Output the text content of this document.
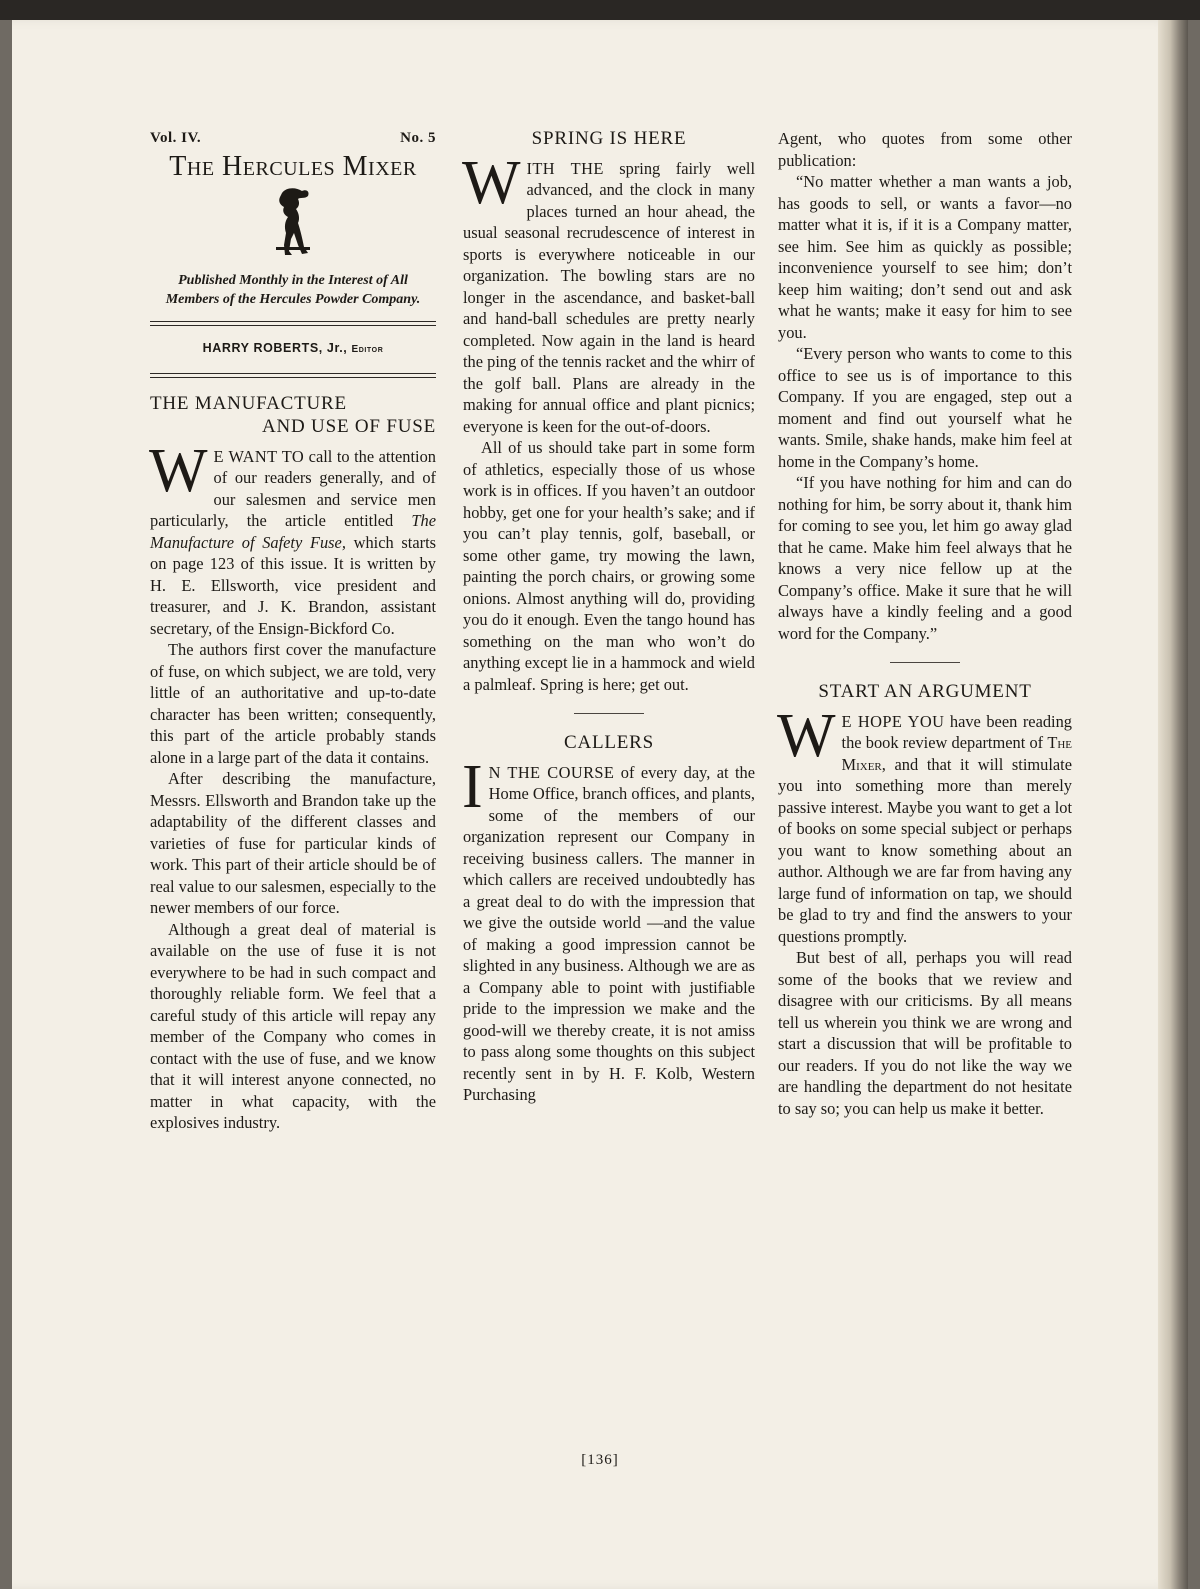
Vol. IV.	No. 5
The Hercules Mixer
Published Monthly in the Interest of All Members of the Hercules Powder Company.
HARRY ROBERTS, Jr., Editor
THE MANUFACTURE
AND USE OF FUSE

W E WANT TO call to the attention of our readers generally, and of our salesmen and service men particularly, the article entitled The Manufacture of Safety Fuse, which starts on page 123 of this issue. It is written by H. E. Ellsworth, vice president and treasurer, and J. K. Brandon, assistant secretary, of the Ensign-Bickford Co.

The authors first cover the manufacture of fuse, on which subject, we are told, very little of an authoritative and up-to-date character has been written; consequently, this part of the article probably stands alone in a large part of the data it contains.

After describing the manufacture, Messrs. Ellsworth and Brandon take up the adaptability of the different classes and varieties of fuse for particular kinds of work. This part of their article should be of real value to our salesmen, especially to the newer members of our force.

Although a great deal of material is available on the use of fuse it is not everywhere to be had in such compact and thoroughly reliable form. We feel that a careful study of this article will repay any member of the Company who comes in contact with the use of fuse, and we know that it will interest anyone connected, no matter in what capacity, with the explosives industry.

SPRING IS HERE

WITH THE spring fairly well advanced, and the clock in many places turned an hour ahead, the usual seasonal recrudescence of interest in sports is everywhere noticeable in our organization. The bowling stars are no longer in the ascendance, and basket-ball and hand-ball schedules are pretty nearly completed. Now again in the land is heard the ping of the tennis racket and the whirr of the golf ball. Plans are already in the making for annual office and plant picnics; everyone is keen for the out-of-doors.

All of us should take part in some form of athletics, especially those of us whose work is in offices. If you haven’t an outdoor hobby, get one for your health’s sake; and if you can’t play tennis, golf, baseball, or some other game, try mowing the lawn, painting the porch chairs, or growing some onions. Almost anything will do, providing you do it enough. Even the tango hound has something on the man who won’t do anything except lie in a hammock and wield a palmleaf. Spring is here; get out.

CALLERS

I N THE COURSE of every day, at the Home Office, branch offices, and plants, some of the members of our organization represent our Company in receiving business callers. The manner in which callers are received undoubtedly has a great deal to do with the impression that we give the outside world —and the value of making a good impression cannot be slighted in any business. Although we are as a Company able to point with justifiable pride to the impression we make and the good-will we thereby create, it is not amiss to pass along some thoughts on this subject recently sent in by H. F. Kolb, Western Purchasing

Agent, who quotes from some other publication:

“No matter whether a man wants a job, has goods to sell, or wants a favor—no matter what it is, if it is a Company matter, see him. See him as quickly as possible; inconvenience yourself to see him; don’t keep him waiting; don’t send out and ask what he wants; make it easy for him to see you.

“Every person who wants to come to this office to see us is of importance to this Company. If you are engaged, step out a moment and find out yourself what he wants. Smile, shake hands, make him feel at home in the Company’s home.

“If you have nothing for him and can do nothing for him, be sorry about it, thank him for coming to see you, let him go away glad that he came. Make him feel always that he knows a very nice fellow up at the Company’s office. Make it sure that he will always have a kindly feeling and a good word for the Company.”

START AN ARGUMENT

W E HOPE YOU have been reading the book review department of The Mixer, and that it will stimulate you into something more than merely passive interest. Maybe you want to get a lot of books on some special subject or perhaps you want to know something about an author. Although we are far from having any large fund of information on tap, we should be glad to try and find the answers to your questions promptly.

But best of all, perhaps you will read some of the books that we review and disagree with our criticisms. By all means tell us wherein you think we are wrong and start a discussion that will be profitable to our readers. If you do not like the way we are handling the department do not hesitate to say so; you can help us make it better.

[136]
